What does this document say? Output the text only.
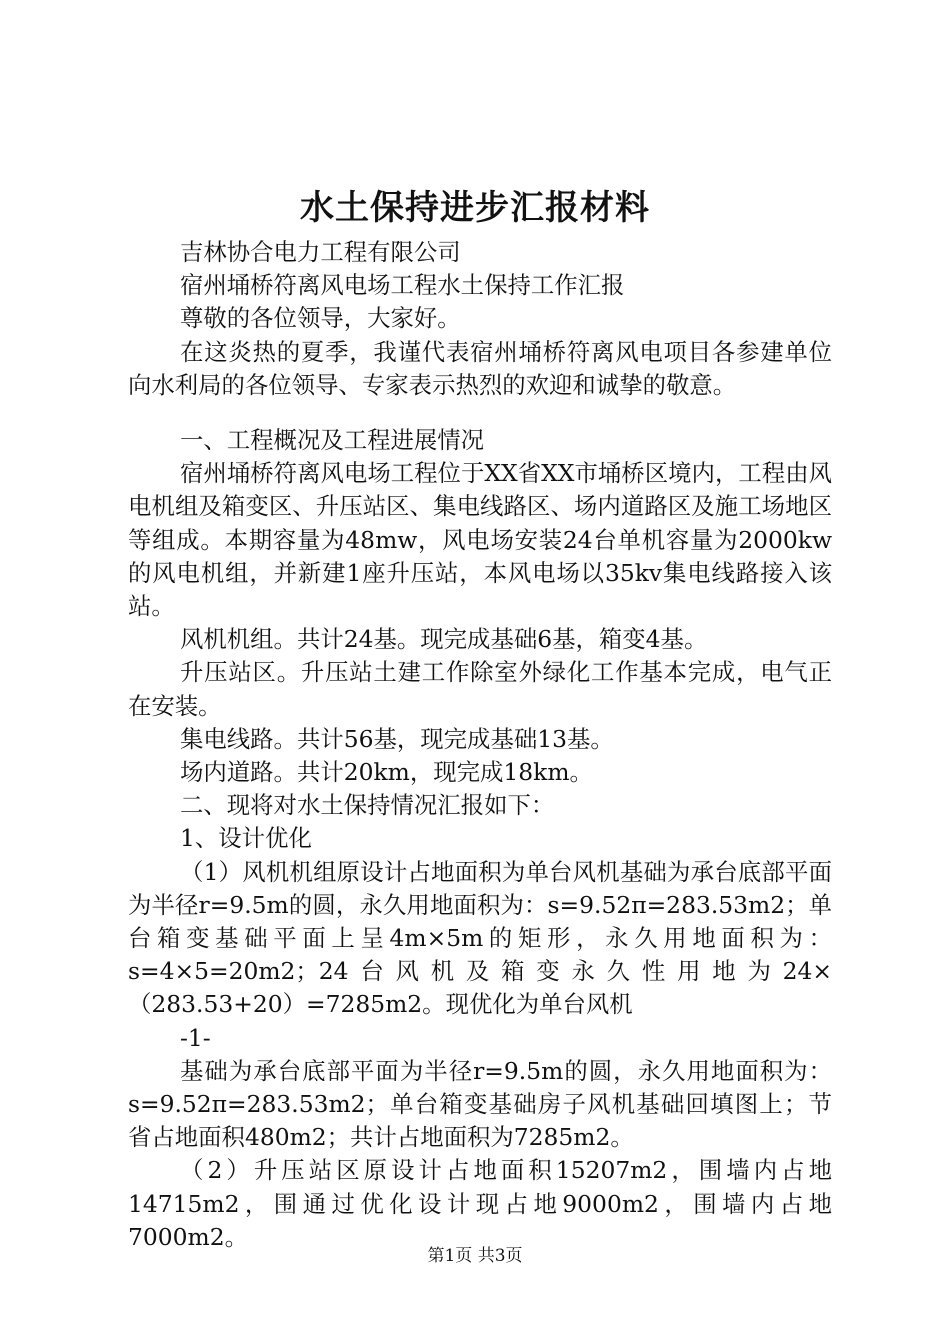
水土保持进步汇报材料

吉林协合电力工程有限公司

宿州埇桥符离风电场工程水土保持工作汇报

尊敬的各位领导，大家好。

在这炎热的夏季，我谨代表宿州埇桥符离风电项目各参建单位向水利局的各位领导、专家表示热烈的欢迎和诚挚的敬意。

一、工程概况及工程进展情况

宿州埇桥符离风电场工程位于XX省XX市埇桥区境内，工程由风电机组及箱变区、升压站区、集电线路区、场内道路区及施工场地区等组成。本期容量为48mw，风电场安装24台单机容量为2000kw的风电机组，并新建1座升压站，本风电场以35kv集电线路接入该站。

风机机组。共计24基。现完成基础6基，箱变4基。

升压站区。升压站土建工作除室外绿化工作基本完成，电气正在安装。

集电线路。共计56基，现完成基础13基。

场内道路。共计20km，现完成18km。

二、现将对水土保持情况汇报如下：

1、设计优化

（1）风机机组原设计占地面积为单台风机基础为承台底部平面为半径r=9.5m的圆，永久用地面积为：s=9.52π=283.53m2；单台箱变基础平面上呈4m×5m的矩形，永久用地面积为：s=4×5=20m2；24台风机及箱变永久性用地为24×（283.53+20）=7285m2。现优化为单台风机

-1-

基础为承台底部平面为半径r=9.5m的圆，永久用地面积为：s=9.52π=283.53m2；单台箱变基础房子风机基础回填图上；节省占地面积480m2；共计占地面积为7285m2。

（2）升压站区原设计占地面积15207m2，围墙内占地14715m2，围通过优化设计现占地9000m2，围墙内占地7000m2。

第1页 共3页
